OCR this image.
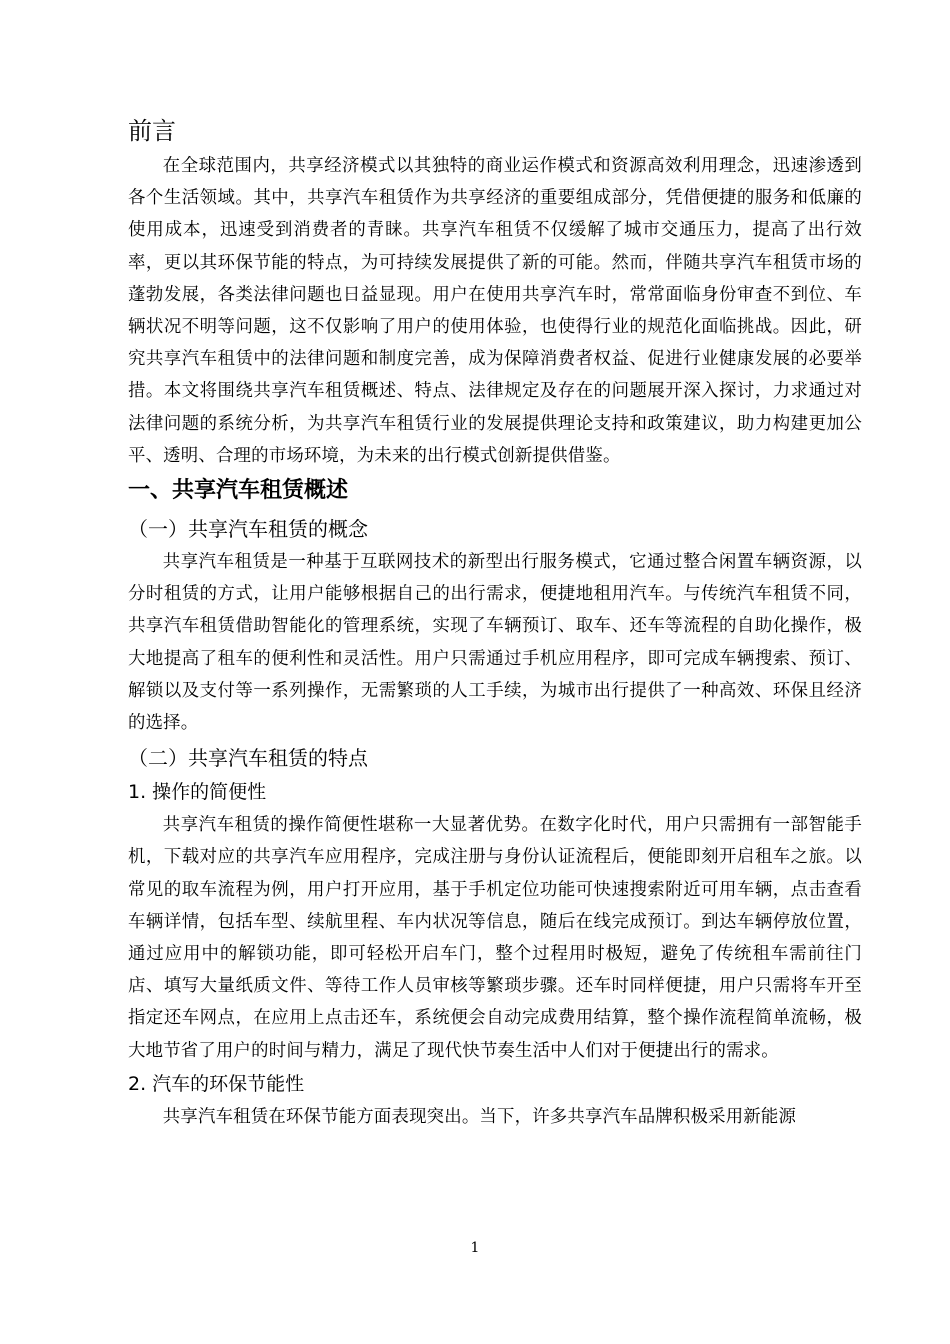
前言

在全球范围内，共享经济模式以其独特的商业运作模式和资源高效利用理念，迅速渗透到各个生活领域。其中，共享汽车租赁作为共享经济的重要组成部分，凭借便捷的服务和低廉的使用成本，迅速受到消费者的青睐。共享汽车租赁不仅缓解了城市交通压力，提高了出行效率，更以其环保节能的特点，为可持续发展提供了新的可能。然而，伴随共享汽车租赁市场的蓬勃发展，各类法律问题也日益显现。用户在使用共享汽车时，常常面临身份审查不到位、车辆状况不明等问题，这不仅影响了用户的使用体验，也使得行业的规范化面临挑战。因此，研究共享汽车租赁中的法律问题和制度完善，成为保障消费者权益、促进行业健康发展的必要举措。本文将围绕共享汽车租赁概述、特点、法律规定及存在的问题展开深入探讨，力求通过对法律问题的系统分析，为共享汽车租赁行业的发展提供理论支持和政策建议，助力构建更加公平、透明、合理的市场环境，为未来的出行模式创新提供借鉴。

一、共享汽车租赁概述
（一）共享汽车租赁的概念

共享汽车租赁是一种基于互联网技术的新型出行服务模式，它通过整合闲置车辆资源，以分时租赁的方式，让用户能够根据自己的出行需求，便捷地租用汽车。与传统汽车租赁不同，共享汽车租赁借助智能化的管理系统，实现了车辆预订、取车、还车等流程的自助化操作，极大地提高了租车的便利性和灵活性。用户只需通过手机应用程序，即可完成车辆搜索、预订、解锁以及支付等一系列操作，无需繁琐的人工手续，为城市出行提供了一种高效、环保且经济的选择。

（二）共享汽车租赁的特点
1. 操作的简便性

共享汽车租赁的操作简便性堪称一大显著优势。在数字化时代，用户只需拥有一部智能手机，下载对应的共享汽车应用程序，完成注册与身份认证流程后，便能即刻开启租车之旅。以常见的取车流程为例，用户打开应用，基于手机定位功能可快速搜索附近可用车辆，点击查看车辆详情，包括车型、续航里程、车内状况等信息，随后在线完成预订。到达车辆停放位置，通过应用中的解锁功能，即可轻松开启车门，整个过程用时极短，避免了传统租车需前往门店、填写大量纸质文件、等待工作人员审核等繁琐步骤。还车时同样便捷，用户只需将车开至指定还车网点，在应用上点击还车，系统便会自动完成费用结算，整个操作流程简单流畅，极大地节省了用户的时间与精力，满足了现代快节奏生活中人们对于便捷出行的需求。

2. 汽车的环保节能性

共享汽车租赁在环保节能方面表现突出。当下，许多共享汽车品牌积极采用新能源

1
